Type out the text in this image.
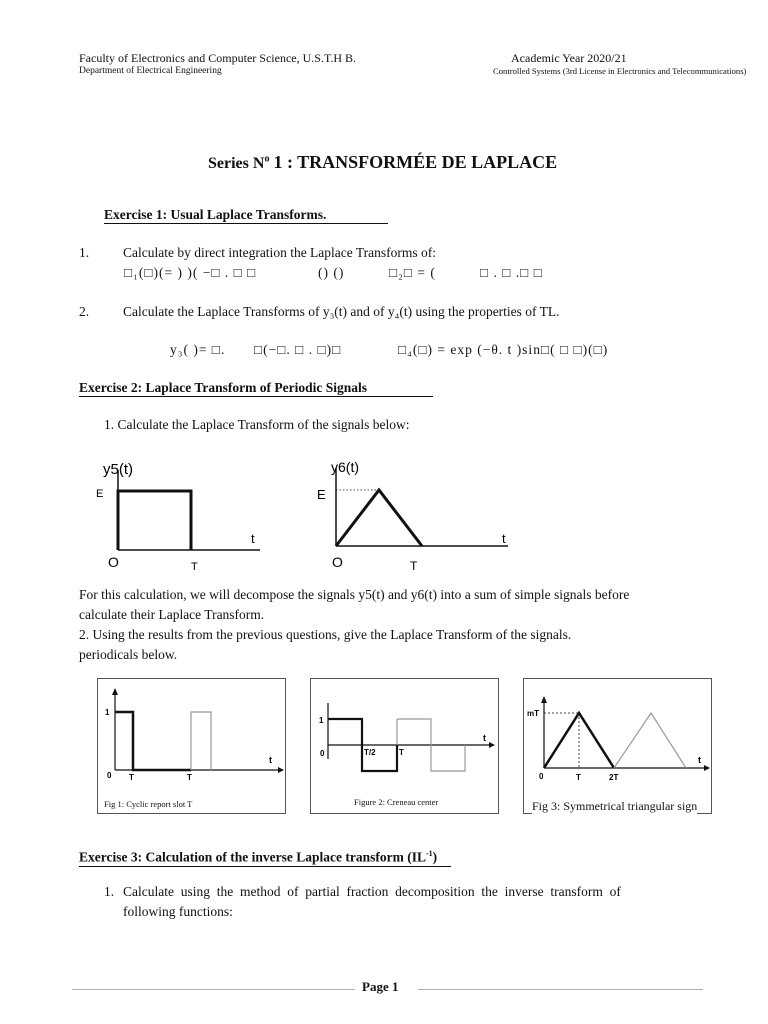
Faculty of Electronics and Computer Science, U.S.T.H B.
Department of Electrical Engineering
Academic Year 2020/21
Controlled Systems (3rd License in Electronics and Telecommunications)
Series $N^o$ 1 : TRANSFORMÉE DE LAPLACE
Exercise 1: Usual Laplace Transforms.
1.	Calculate by direct integration the Laplace Transforms of:
□₁(□)(= ) )( −□ . □ □	() ()	□₂□ = (	□ . □ .□ □
2.	Calculate the Laplace Transforms of y₃(t) and of y₄(t) using the properties of TL.
y₃( )= □. □(−□. □ . □)□	□₄(□) = exp (−θ. t )sin□( □ □)(□)
Exercise 2: Laplace Transform of Periodic Signals
1. Calculate the Laplace Transform of the signals below:
y5(t)
E
O	T
t
y6(t)
E
O	T
t
For this calculation, we will decompose the signals y5(t) and y6(t) into a sum of simple signals before
calculate their Laplace Transform.
2. Using the results from the previous questions, give the Laplace Transform of the signals.
periodicals below.
1
0 T	T
t
Fig 1: Cyclic report slot T
1
0	T/2	T
t
Figure 2: Creneau center
mT
0	T	2T
t
Fig 3: Symmetrical triangular sign
Exercise 3: Calculation of the inverse Laplace transform $(IL^{-1})$
1. Calculate  using  the  method  of  partial  fraction  decomposition  the  inverse  transform  of
following functions:
Page 1
